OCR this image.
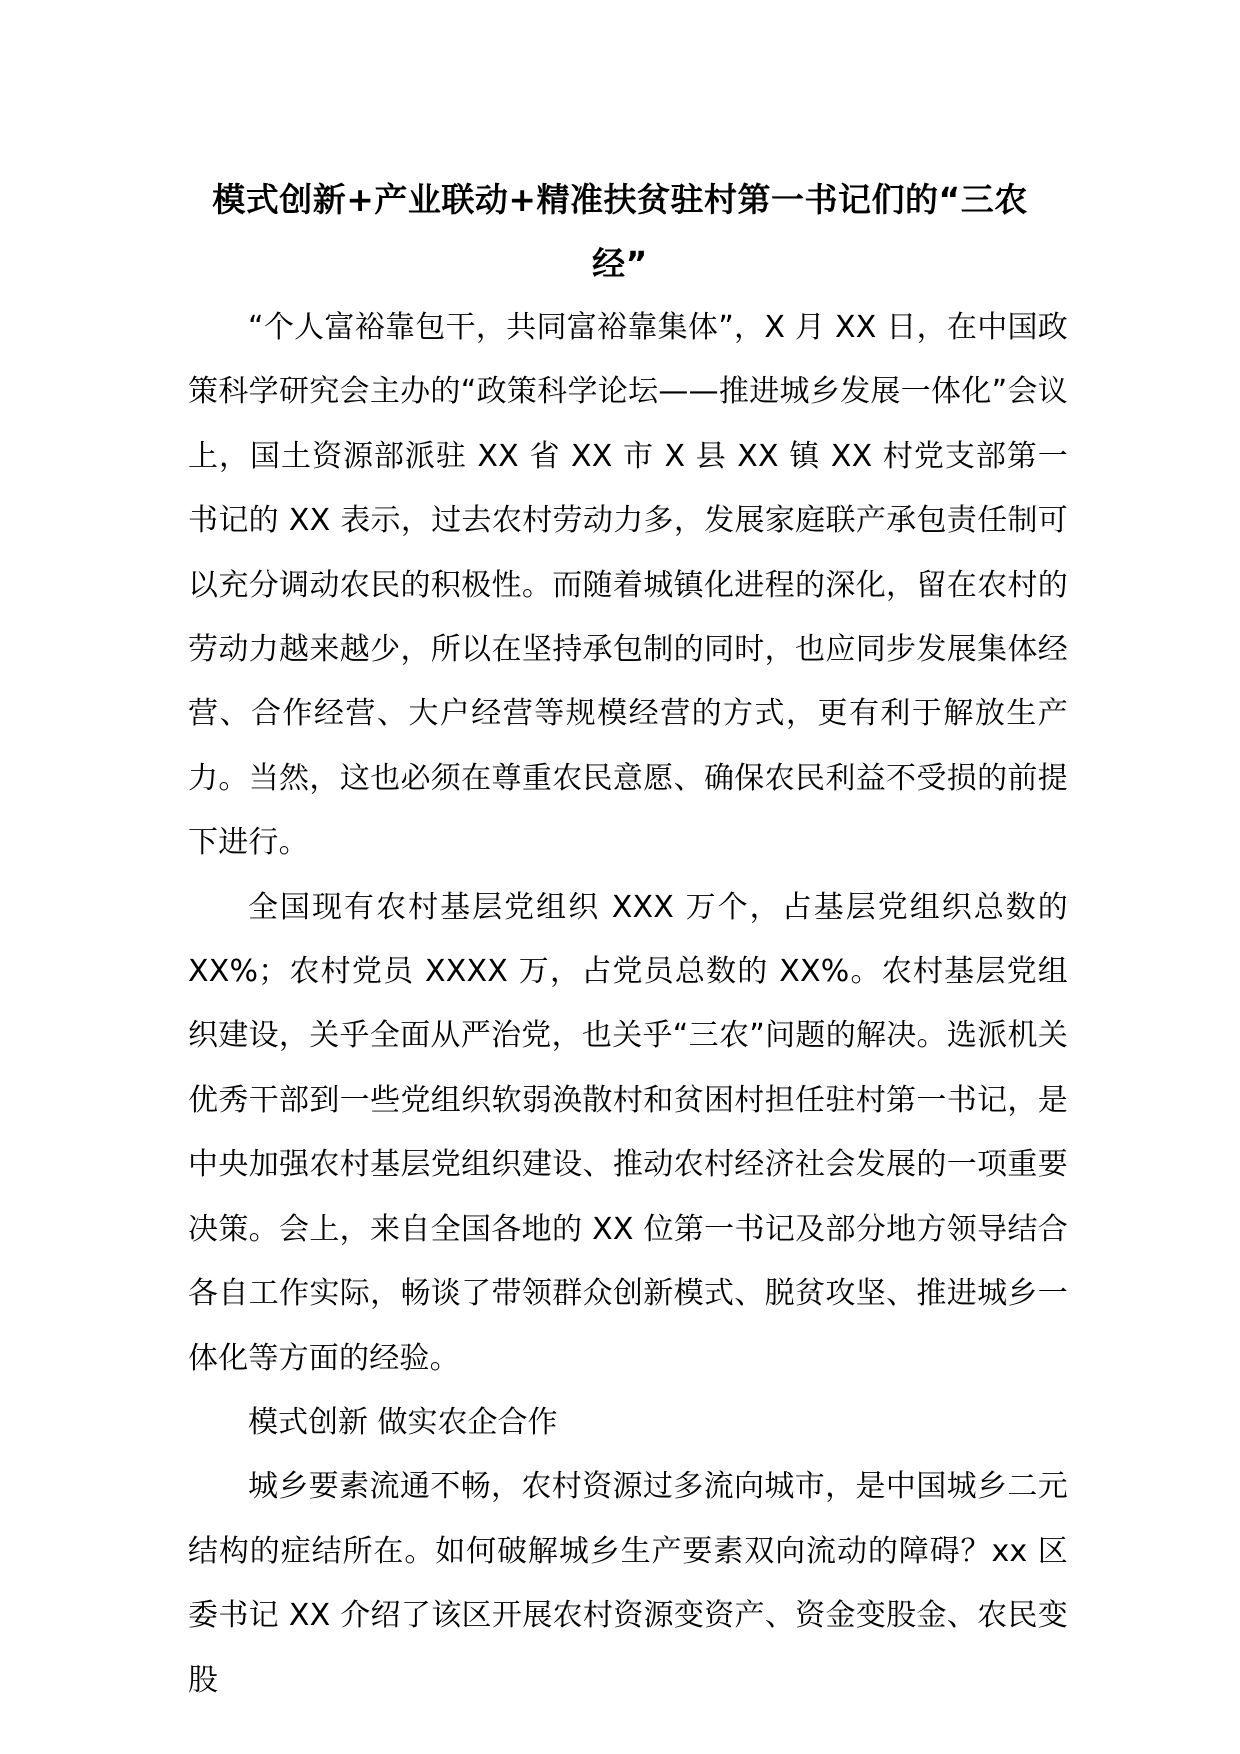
模式创新+产业联动+精准扶贫驻村第一书记们的“三农经”

“个人富裕靠包干，共同富裕靠集体”，X 月 XX 日，在中国政策科学研究会主办的“政策科学论坛——推进城乡发展一体化”会议上，国土资源部派驻 XX 省 XX 市 X 县 XX 镇 XX 村党支部第一书记的 XX 表示，过去农村劳动力多，发展家庭联产承包责任制可以充分调动农民的积极性。而随着城镇化进程的深化，留在农村的劳动力越来越少，所以在坚持承包制的同时，也应同步发展集体经营、合作经营、大户经营等规模经营的方式，更有利于解放生产力。当然，这也必须在尊重农民意愿、确保农民利益不受损的前提下进行。

全国现有农村基层党组织 XXX 万个，占基层党组织总数的 XX%；农村党员 XXXX 万，占党员总数的 XX%。农村基层党组织建设，关乎全面从严治党，也关乎“三农”问题的解决。选派机关优秀干部到一些党组织软弱涣散村和贫困村担任驻村第一书记，是中央加强农村基层党组织建设、推动农村经济社会发展的一项重要决策。会上，来自全国各地的 XX 位第一书记及部分地方领导结合各自工作实际，畅谈了带领群众创新模式、脱贫攻坚、推进城乡一体化等方面的经验。

模式创新 做实农企合作

城乡要素流通不畅，农村资源过多流向城市，是中国城乡二元结构的症结所在。如何破解城乡生产要素双向流动的障碍？xx 区委书记 XX 介绍了该区开展农村资源变资产、资金变股金、农民变股
